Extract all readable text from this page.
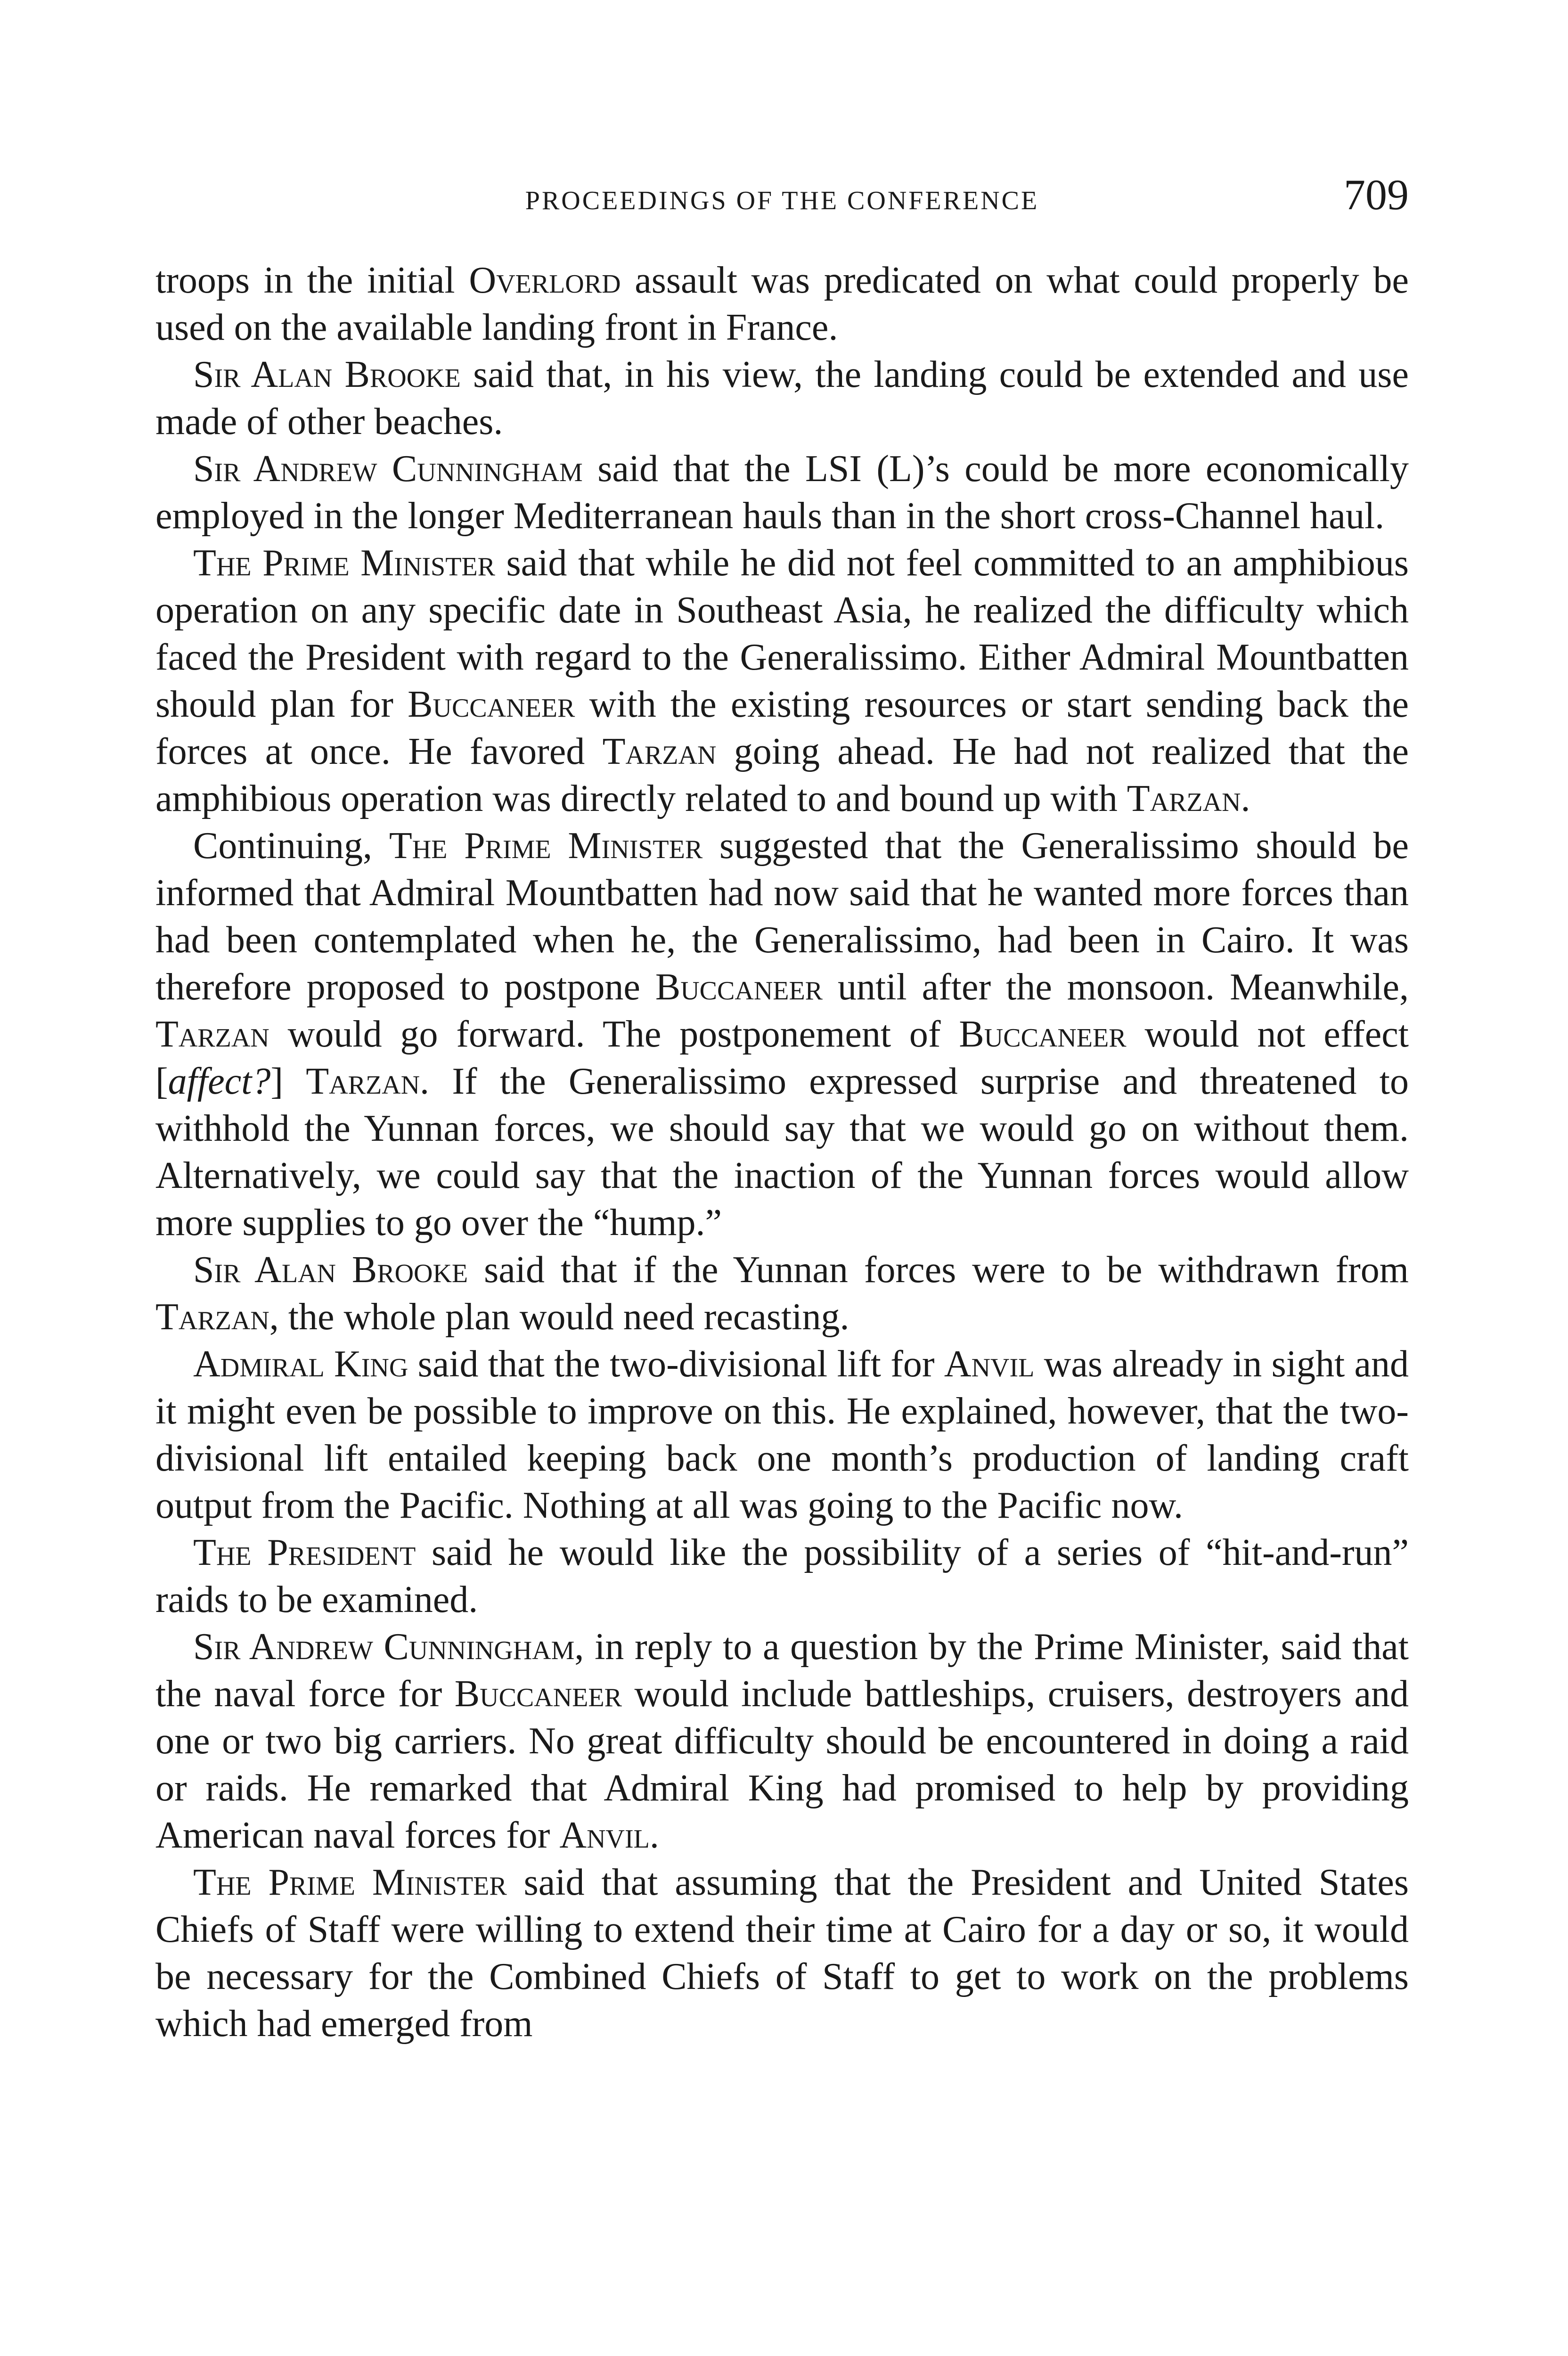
PROCEEDINGS OF THE CONFERENCE	709

troops in the initial Overlord assault was predicated on what could properly be used on the available landing front in France.

Sir Alan Brooke said that, in his view, the landing could be extended and use made of other beaches.

Sir Andrew Cunningham said that the LSI (L)’s could be more economically employed in the longer Mediterranean hauls than in the short cross-Channel haul.

The Prime Minister said that while he did not feel committed to an amphibious operation on any specific date in Southeast Asia, he realized the difficulty which faced the President with regard to the Generalissimo. Either Admiral Mountbatten should plan for Buccaneer with the existing resources or start sending back the forces at once. He favored Tarzan going ahead. He had not realized that the amphibious operation was directly related to and bound up with Tarzan.

Continuing, The Prime Minister suggested that the Generalissimo should be informed that Admiral Mountbatten had now said that he wanted more forces than had been contemplated when he, the Generalissimo, had been in Cairo. It was therefore proposed to postpone Buccaneer until after the monsoon. Meanwhile, Tarzan would go forward. The postponement of Buccaneer would not effect [affect?] Tarzan. If the Generalissimo expressed surprise and threatened to withhold the Yunnan forces, we should say that we would go on without them. Alternatively, we could say that the inaction of the Yunnan forces would allow more supplies to go over the “hump.”

Sir Alan Brooke said that if the Yunnan forces were to be withdrawn from Tarzan, the whole plan would need recasting.

Admiral King said that the two-divisional lift for Anvil was already in sight and it might even be possible to improve on this. He explained, however, that the two-divisional lift entailed keeping back one month’s production of landing craft output from the Pacific. Nothing at all was going to the Pacific now.

The President said he would like the possibility of a series of “hit-and-run” raids to be examined.

Sir Andrew Cunningham, in reply to a question by the Prime Minister, said that the naval force for Buccaneer would include battleships, cruisers, destroyers and one or two big carriers. No great difficulty should be encountered in doing a raid or raids. He remarked that Admiral King had promised to help by providing American naval forces for Anvil.

The Prime Minister said that assuming that the President and United States Chiefs of Staff were willing to extend their time at Cairo for a day or so, it would be necessary for the Combined Chiefs of Staff to get to work on the problems which had emerged from
